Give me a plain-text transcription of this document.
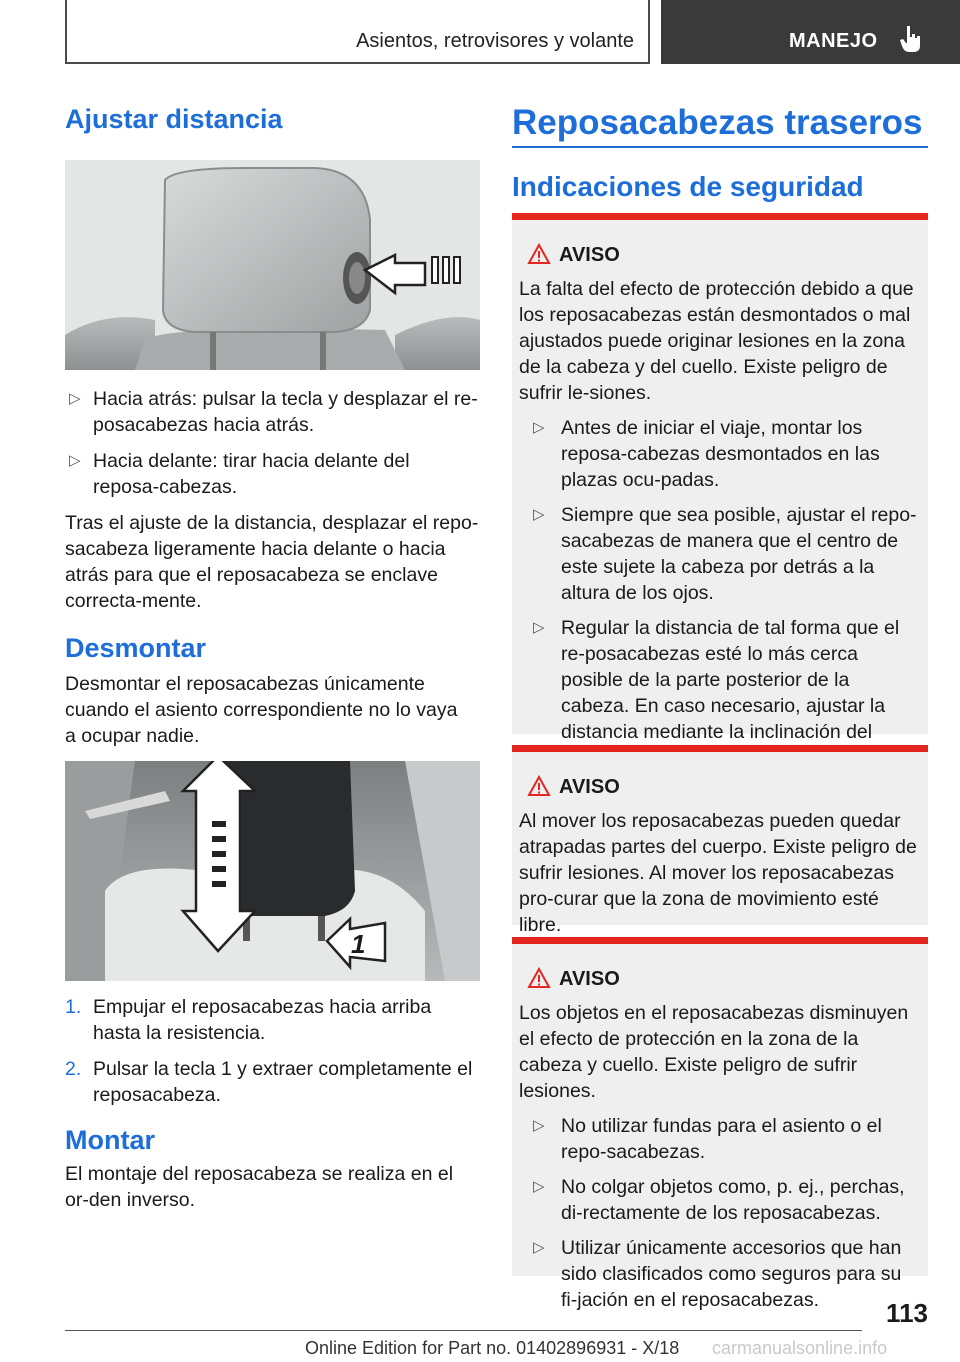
Asientos, retrovisores y volante	MANEJO
Ajustar distancia
▷ Hacia atrás: pulsar la tecla y desplazar el re-posacabezas hacia atrás.
▷ Hacia delante: tirar hacia delante del reposa-cabezas.
Tras el ajuste de la distancia, desplazar el repo-sacabeza ligeramente hacia delante o hacia atrás para que el reposacabeza se enclave correcta-mente.
Desmontar
Desmontar el reposacabezas únicamente cuando el asiento correspondiente no lo vaya a ocupar nadie.
1
1. Empujar el reposacabezas hacia arriba hasta la resistencia.
2. Pulsar la tecla 1 y extraer completamente el reposacabeza.
Montar
El montaje del reposacabeza se realiza en el or-den inverso.
Reposacabezas traseros
Indicaciones de seguridad
AVISO
La falta del efecto de protección debido a que los reposacabezas están desmontados o mal ajustados puede originar lesiones en la zona de la cabeza y del cuello. Existe peligro de sufrir le-siones.
▷ Antes de iniciar el viaje, montar los reposa-cabezas desmontados en las plazas ocu-padas.
▷ Siempre que sea posible, ajustar el repo-sacabezas de manera que el centro de este sujete la cabeza por detrás a la altura de los ojos.
▷ Regular la distancia de tal forma que el re-posacabezas esté lo más cerca posible de la parte posterior de la cabeza. En caso necesario, ajustar la distancia mediante la inclinación del
AVISO
Al mover los reposacabezas pueden quedar atrapadas partes del cuerpo. Existe peligro de sufrir lesiones. Al mover los reposacabezas pro-curar que la zona de movimiento esté libre.
AVISO
Los objetos en el reposacabezas disminuyen el efecto de protección en la zona de la cabeza y cuello. Existe peligro de sufrir lesiones.
▷ No utilizar fundas para el asiento o el repo-sacabezas.
▷ No colgar objetos como, p. ej., perchas, di-rectamente de los reposacabezas.
▷ Utilizar únicamente accesorios que han sido clasificados como seguros para su fi-jación en el reposacabezas.	113
Online Edition for Part no. 01402896931 - X/18 carmanualsonline.info
